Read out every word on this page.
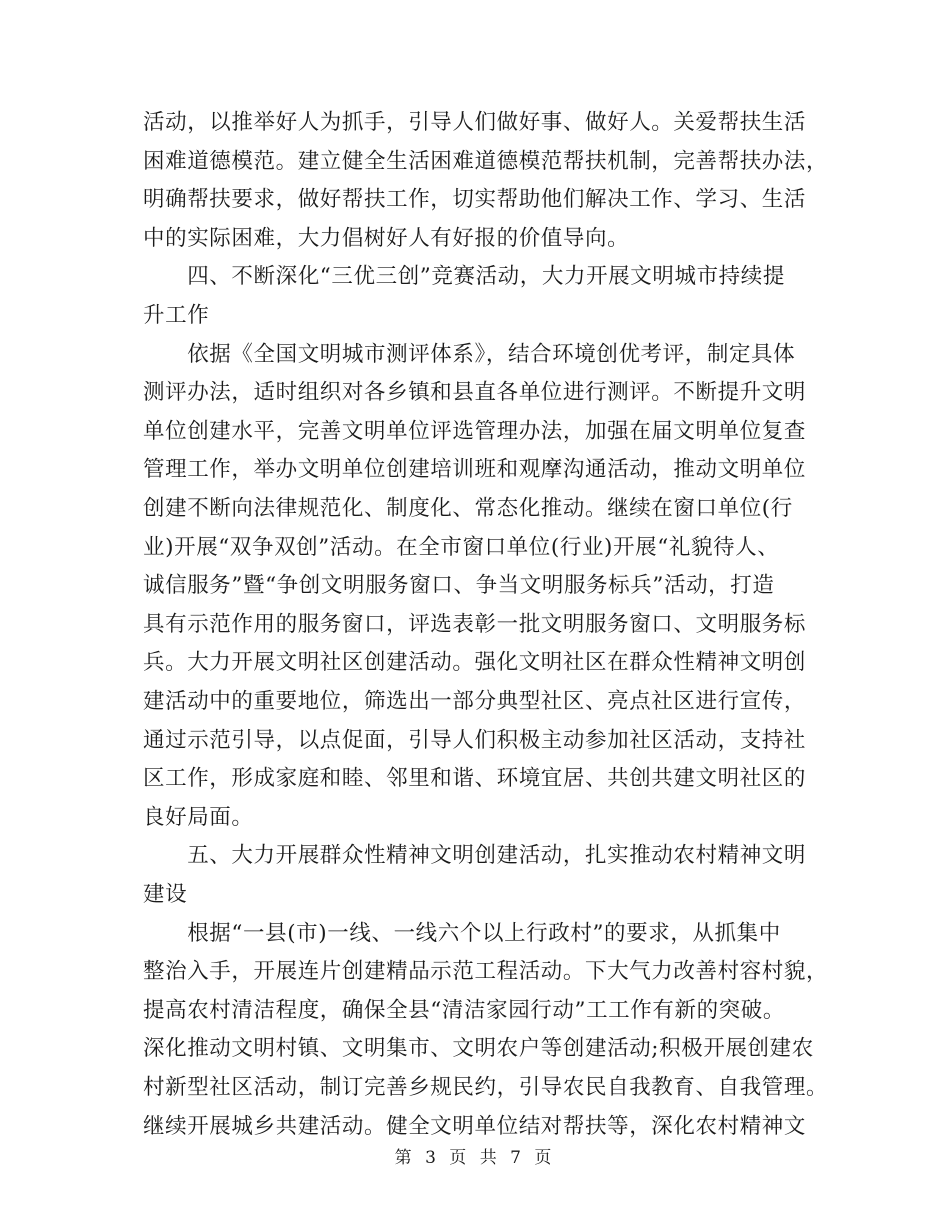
活动，以推举好人为抓手，引导人们做好事、做好人。关爱帮扶生活
困难道德模范。建立健全生活困难道德模范帮扶机制，完善帮扶办法，
明确帮扶要求，做好帮扶工作，切实帮助他们解决工作、学习、生活
中的实际困难，大力倡树好人有好报的价值导向。
　　四、不断深化“三优三创”竞赛活动，大力开展文明城市持续提
升工作
　　依据《全国文明城市测评体系》，结合环境创优考评，制定具体
测评办法，适时组织对各乡镇和县直各单位进行测评。不断提升文明
单位创建水平，完善文明单位评选管理办法，加强在届文明单位复查
管理工作，举办文明单位创建培训班和观摩沟通活动，推动文明单位
创建不断向法律规范化、制度化、常态化推动。继续在窗口单位(行
业)开展“双争双创”活动。在全市窗口单位(行业)开展“礼貌待人、
诚信服务”暨“争创文明服务窗口、争当文明服务标兵”活动，打造
具有示范作用的服务窗口，评选表彰一批文明服务窗口、文明服务标
兵。大力开展文明社区创建活动。强化文明社区在群众性精神文明创
建活动中的重要地位，筛选出一部分典型社区、亮点社区进行宣传，
通过示范引导，以点促面，引导人们积极主动参加社区活动，支持社
区工作，形成家庭和睦、邻里和谐、环境宜居、共创共建文明社区的
良好局面。
　　五、大力开展群众性精神文明创建活动，扎实推动农村精神文明
建设
　　根据“一县(市)一线、一线六个以上行政村”的要求，从抓集中
整治入手，开展连片创建精品示范工程活动。下大气力改善村容村貌，
提高农村清洁程度，确保全县“清洁家园行动”工工作有新的突破。
深化推动文明村镇、文明集市、文明农户等创建活动;积极开展创建农
村新型社区活动，制订完善乡规民约，引导农民自我教育、自我管理。
继续开展城乡共建活动。健全文明单位结对帮扶等，深化农村精神文
第 3 页 共 7 页
